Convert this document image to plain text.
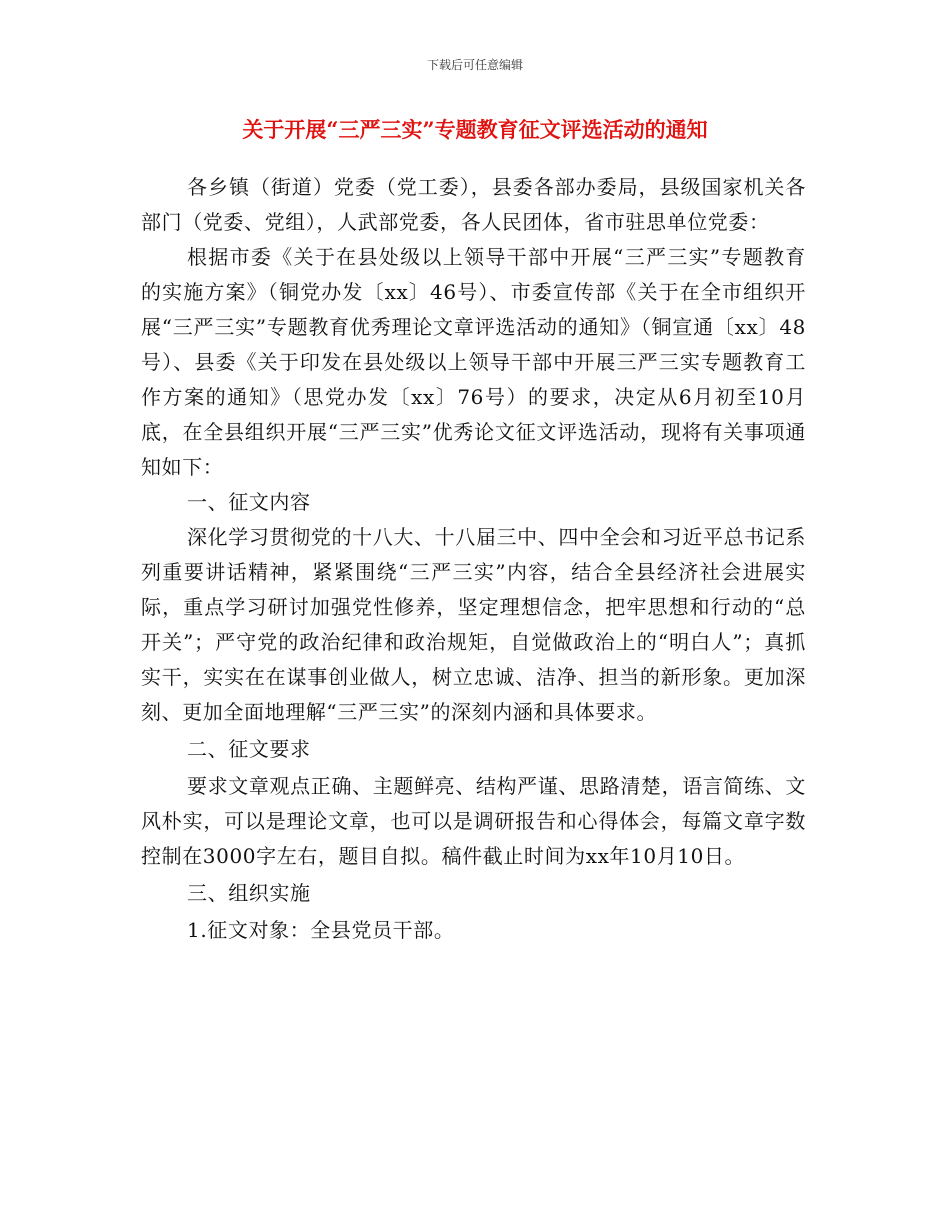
下载后可任意编辑
关于开展“三严三实”专题教育征文评选活动的通知

各乡镇（街道）党委（党工委），县委各部办委局，县级国家机关各部门（党委、党组），人武部党委，各人民团体，省市驻思单位党委：

根据市委《关于在县处级以上领导干部中开展“三严三实”专题教育的实施方案》（铜党办发〔xx〕46号）、市委宣传部《关于在全市组织开展“三严三实”专题教育优秀理论文章评选活动的通知》（铜宣通〔xx〕48号）、县委《关于印发在县处级以上领导干部中开展三严三实专题教育工作方案的通知》（思党办发〔xx〕76号）的要求，决定从6月初至10月底，在全县组织开展“三严三实”优秀论文征文评选活动，现将有关事项通知如下：

一、征文内容

深化学习贯彻党的十八大、十八届三中、四中全会和习近平总书记系列重要讲话精神，紧紧围绕“三严三实”内容，结合全县经济社会进展实际，重点学习研讨加强党性修养，坚定理想信念，把牢思想和行动的“总开关”；严守党的政治纪律和政治规矩，自觉做政治上的“明白人”；真抓实干，实实在在谋事创业做人，树立忠诚、洁净、担当的新形象。更加深刻、更加全面地理解“三严三实”的深刻内涵和具体要求。

二、征文要求

要求文章观点正确、主题鲜亮、结构严谨、思路清楚，语言简练、文风朴实，可以是理论文章，也可以是调研报告和心得体会，每篇文章字数控制在3000字左右，题目自拟。稿件截止时间为xx年10月10日。

三、组织实施

1.征文对象：全县党员干部。
